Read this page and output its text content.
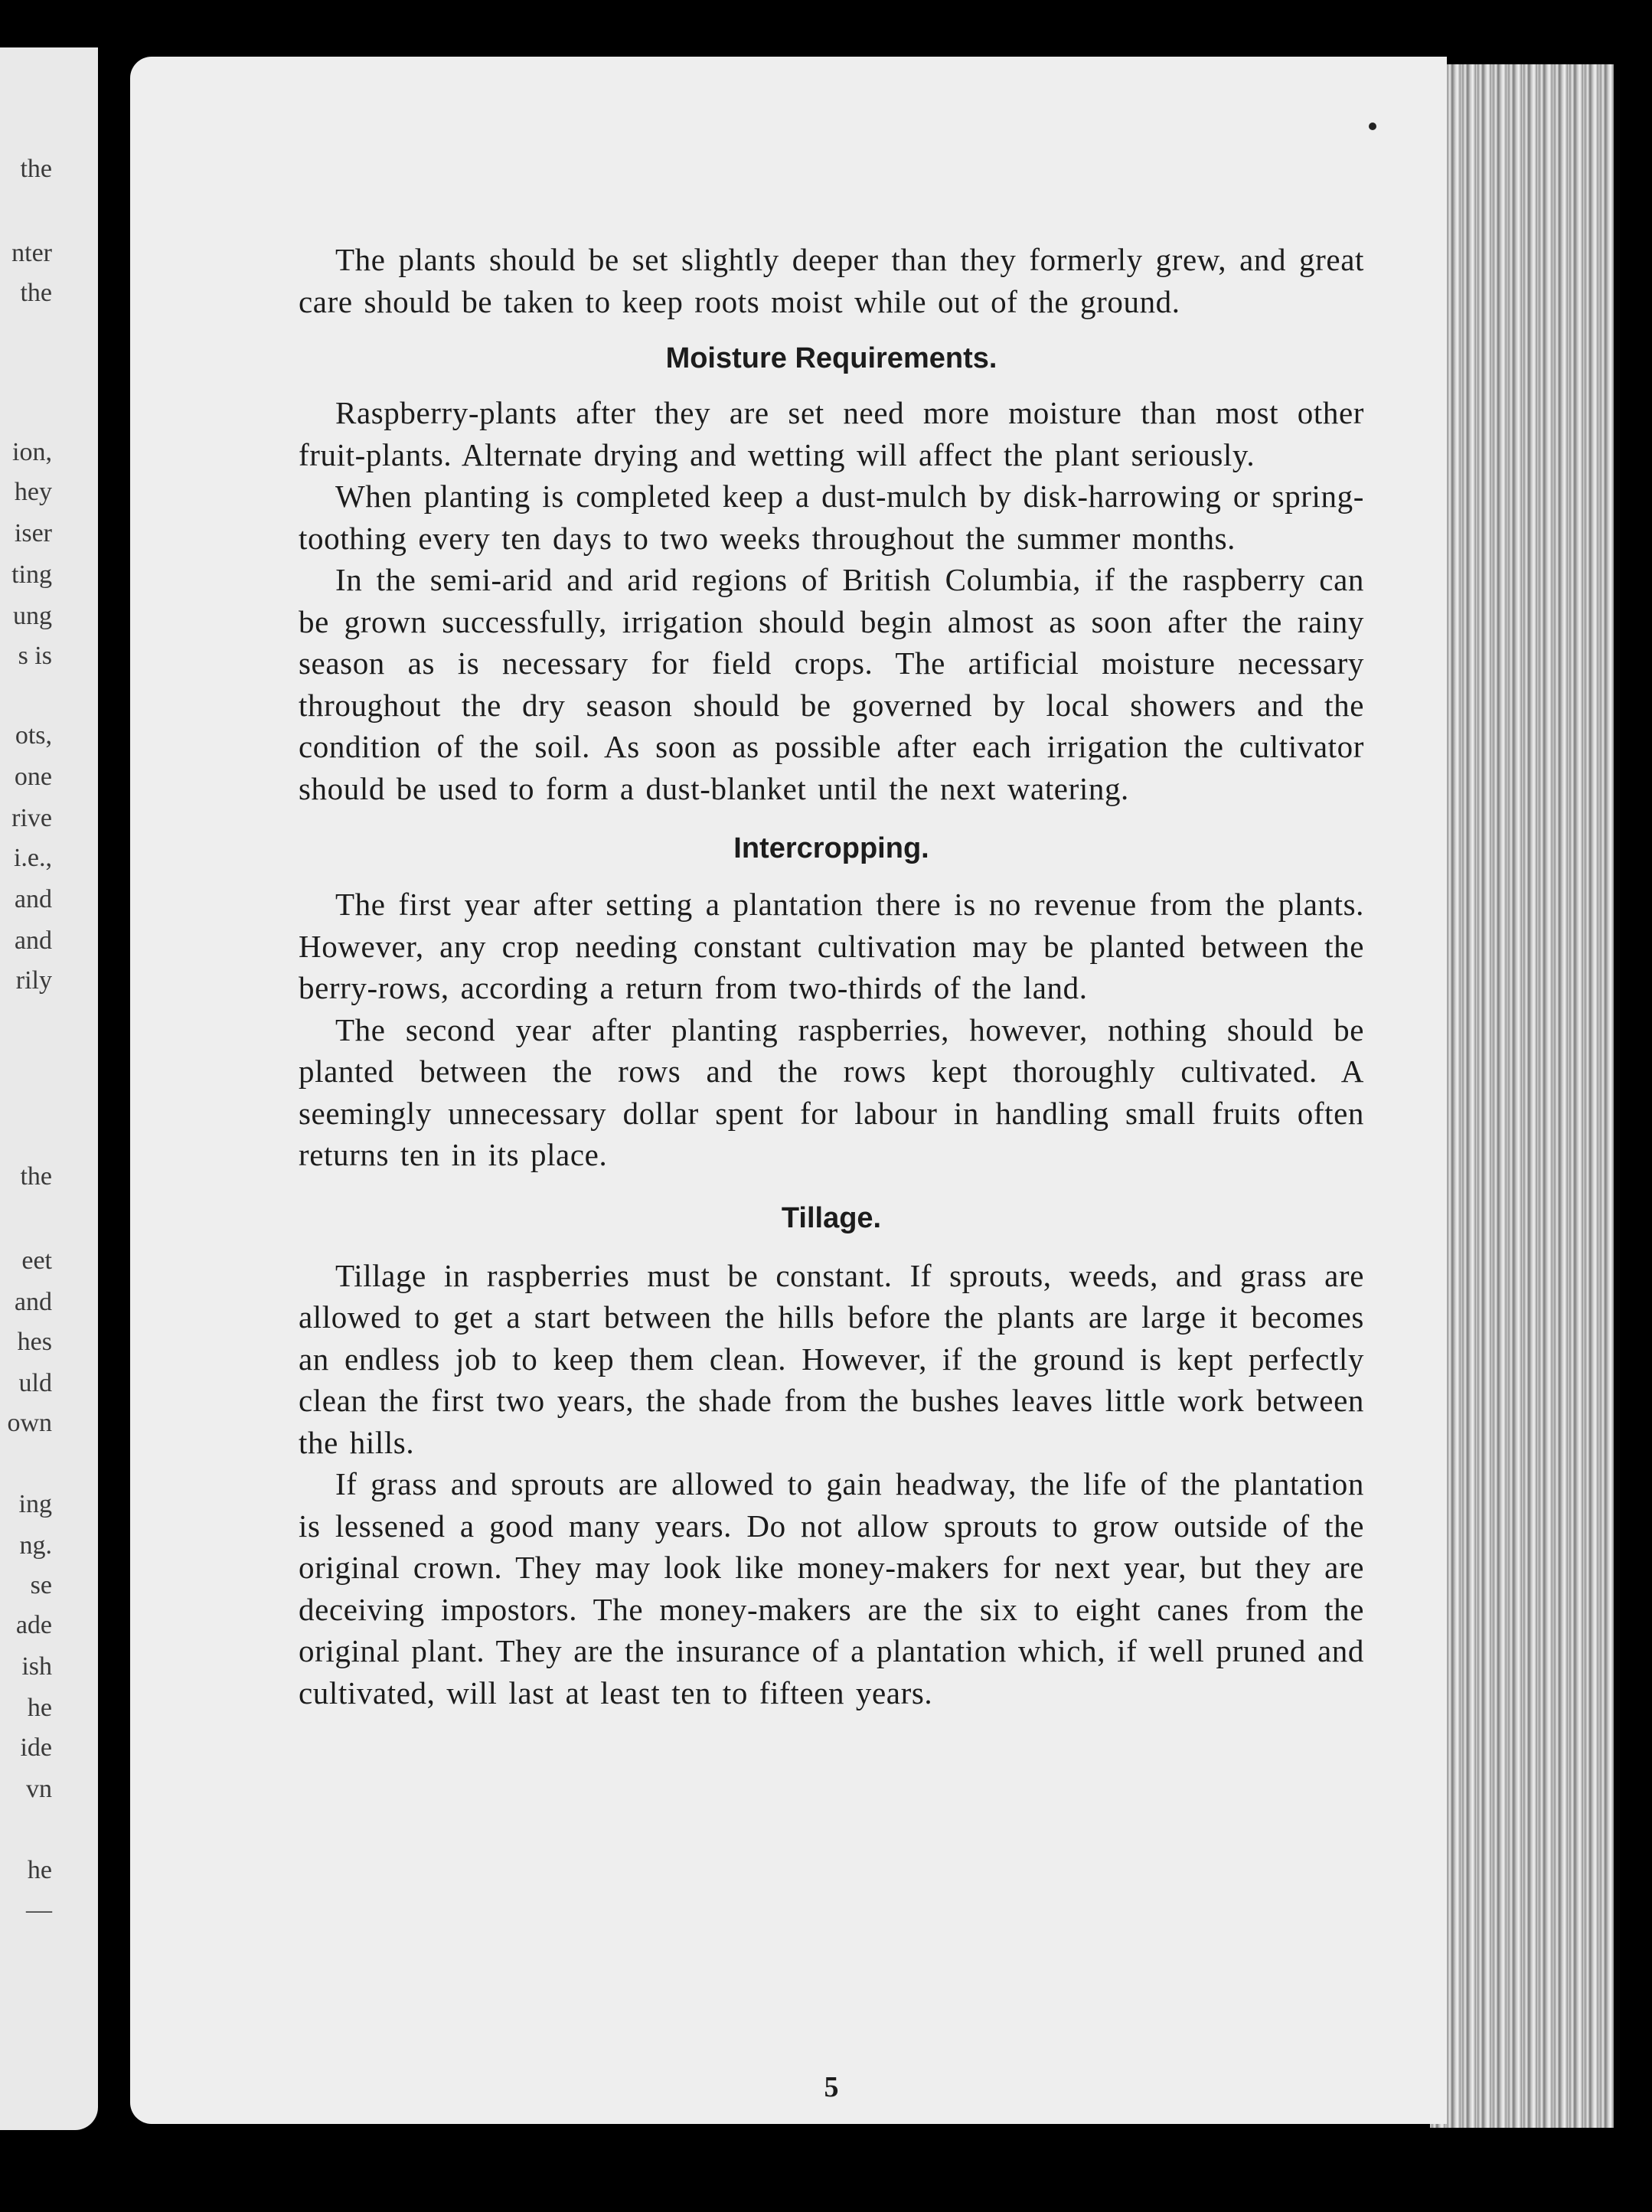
the
nter
the
ion,
hey
iser
ting
ung
s is
ots,
one
rive
i.e.,
and
and
rily
the
eet
and
hes
uld
own
ing
ng.
se
ade
ish
he
ide
vn
he
—

The plants should be set slightly deeper than they formerly grew, and great care should be taken to keep roots moist while out of the ground.

Moisture Requirements.

Raspberry-plants after they are set need more moisture than most other fruit-plants. Alternate drying and wetting will affect the plant seriously.

When planting is completed keep a dust-mulch by disk-harrowing or spring-toothing every ten days to two weeks throughout the summer months.

In the semi-arid and arid regions of British Columbia, if the raspberry can be grown successfully, irrigation should begin almost as soon after the rainy season as is necessary for field crops. The artificial moisture necessary throughout the dry season should be governed by local showers and the condition of the soil. As soon as possible after each irrigation the cultivator should be used to form a dust-blanket until the next watering.

Intercropping.

The first year after setting a plantation there is no revenue from the plants. However, any crop needing constant cultivation may be planted between the berry-rows, according a return from two-thirds of the land.

The second year after planting raspberries, however, nothing should be planted between the rows and the rows kept thoroughly cultivated. A seemingly unnecessary dollar spent for labour in handling small fruits often returns ten in its place.

Tillage.

Tillage in raspberries must be constant. If sprouts, weeds, and grass are allowed to get a start between the hills before the plants are large it becomes an endless job to keep them clean. However, if the ground is kept perfectly clean the first two years, the shade from the bushes leaves little work between the hills.

If grass and sprouts are allowed to gain headway, the life of the plantation is lessened a good many years. Do not allow sprouts to grow outside of the original crown. They may look like money-makers for next year, but they are deceiving impostors. The money-makers are the six to eight canes from the original plant. They are the insurance of a plantation which, if well pruned and cultivated, will last at least ten to fifteen years.

5
